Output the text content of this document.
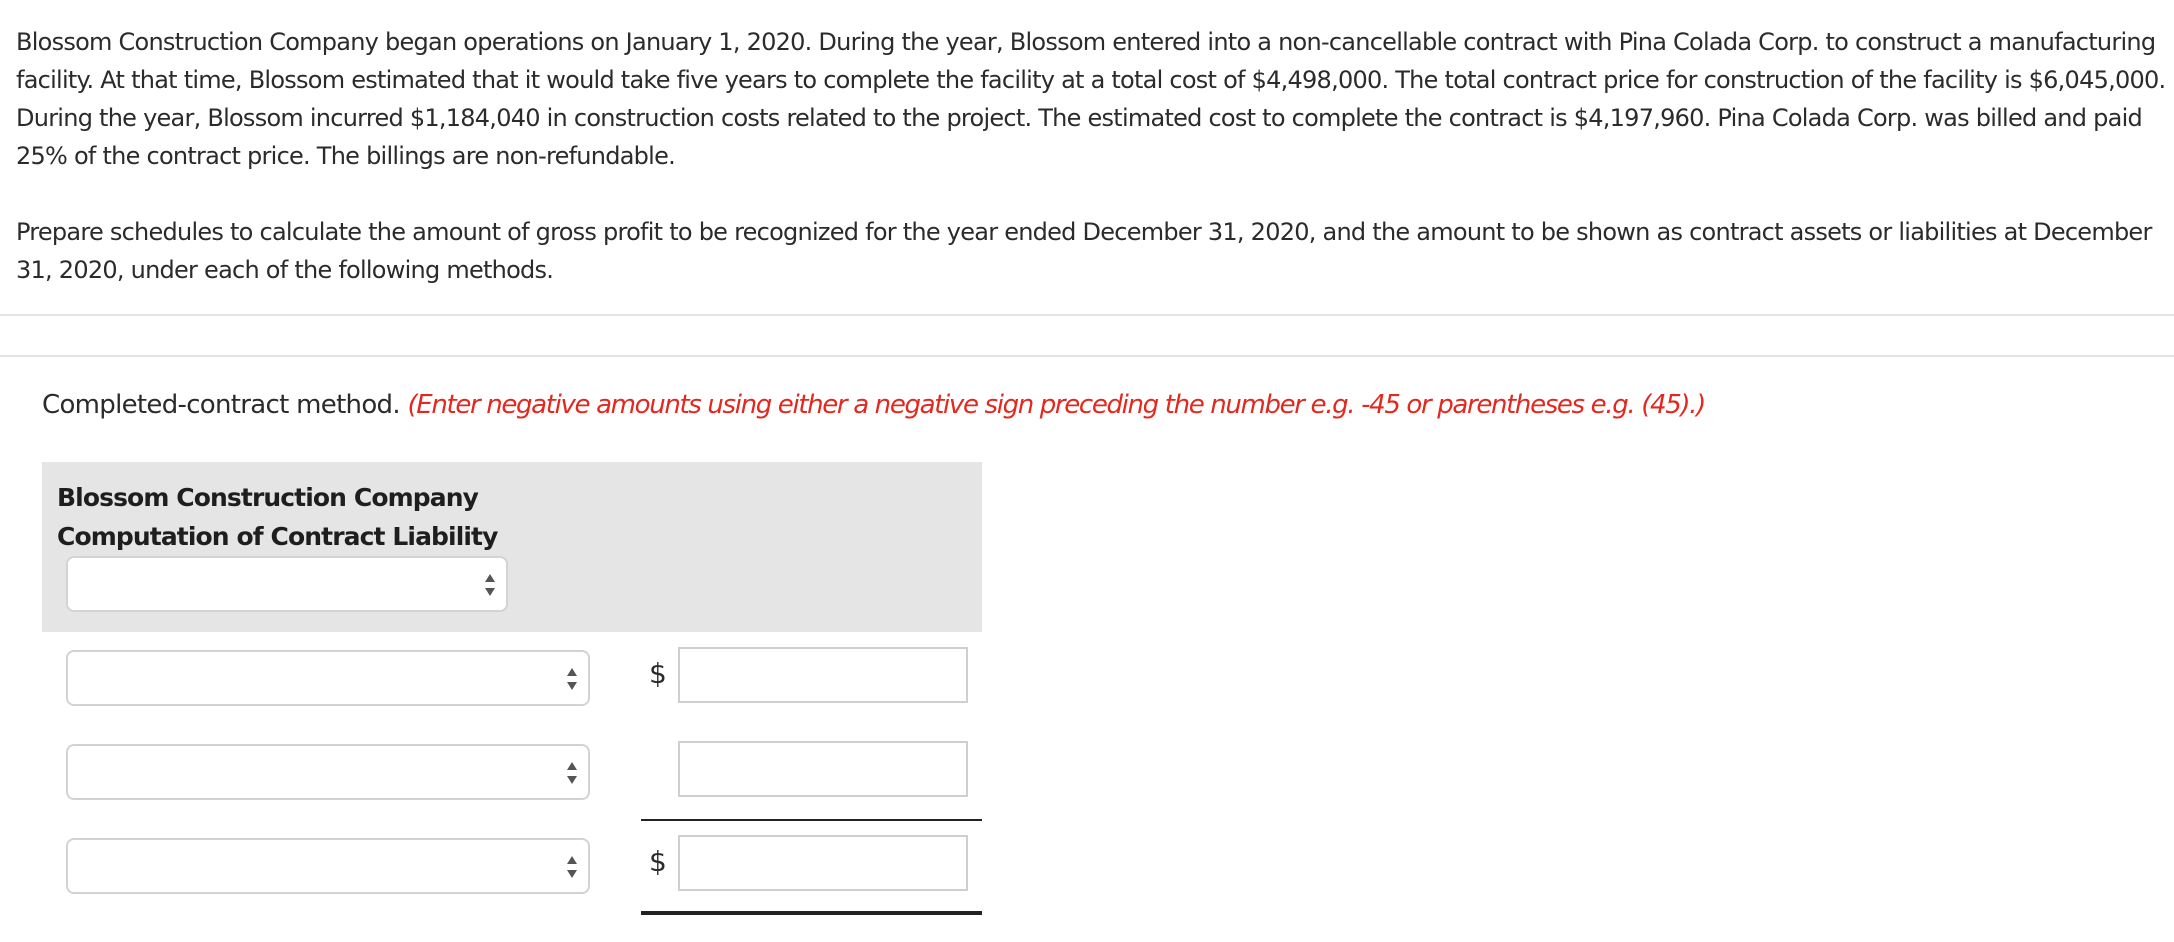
Blossom Construction Company began operations on January 1, 2020. During the year, Blossom entered into a non-cancellable contract with Pina Colada Corp. to construct a manufacturing facility. At that time, Blossom estimated that it would take five years to complete the facility at a total cost of $4,498,000. The total contract price for construction of the facility is $6,045,000. During the year, Blossom incurred $1,184,040 in construction costs related to the project. The estimated cost to complete the contract is $4,197,960. Pina Colada Corp. was billed and paid 25% of the contract price. The billings are non-refundable.

Prepare schedules to calculate the amount of gross profit to be recognized for the year ended December 31, 2020, and the amount to be shown as contract assets or liabilities at December 31, 2020, under each of the following methods.

Completed-contract method. (Enter negative amounts using either a negative sign preceding the number e.g. -45 or parentheses e.g. (45).)
Blossom Construction Company
Computation of Contract Liability
$
$
